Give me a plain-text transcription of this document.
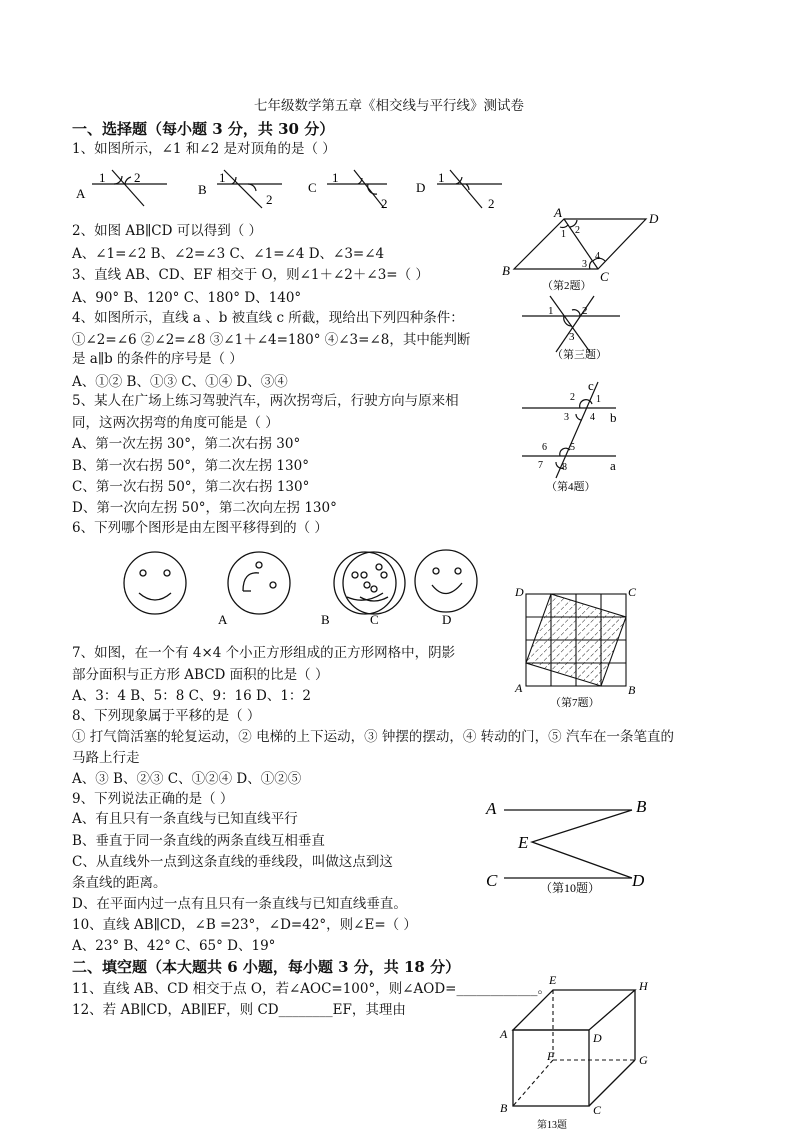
七年级数学第五章《相交线与平行线》测试卷
一、选择题（每小题 3 分，共 30 分）
1、如图所示，∠1 和∠2 是对顶角的是（ ）
A
1 2
B
1
2
C
1
2
D
1
2
2、如图 AB∥CD 可以得到（ ）
A、∠1=∠2 B、∠2=∠3 C、∠1=∠4 D、∠3=∠4
3、直线 AB、CD、EF 相交于 O，则∠1＋∠2＋∠3=（ ）
A、90° B、120° C、180° D、140°
4、如图所示，直线 a 、b 被直线 c 所截，现给出下列四种条件：
①∠2=∠6 ②∠2=∠8 ③∠1＋∠4=180° ④∠3=∠8，其中能判断
是 a∥b 的条件的序号是（ ）
A、①② B、①③ C、①④ D、③④
5、某人在广场上练习驾驶汽车，两次拐弯后，行驶方向与原来相
同，这两次拐弯的角度可能是（ ）
A、第一次左拐 30°，第二次右拐 30°
B、第一次右拐 50°，第二次左拐 130°
C、第一次右拐 50°，第二次右拐 130°
D、第一次向左拐 50°，第二次向左拐 130°
6、下列哪个图形是由左图平移得到的（ ）
A	B	C	D
7、如图，在一个有 4×4 个小正方形组成的正方形网格中，阴影
部分面积与正方形 ABCD 面积的比是（ ）
A、3：4 B、5：8 C、9：16 D、1：2
8、下列现象属于平移的是（ ）
① 打气筒活塞的轮复运动，② 电梯的上下运动，③ 钟摆的摆动，④ 转动的门，⑤ 汽车在一条笔直的
马路上行走
A、③ B、②③ C、①②④ D、①②⑤
9、下列说法正确的是（ ）
A、有且只有一条直线与已知直线平行
B、垂直于同一条直线的两条直线互相垂直
C、从直线外一点到这条直线的垂线段，叫做这点到这
条直线的距离。
D、在平面内过一点有且只有一条直线与已知直线垂直。
10、直线 AB∥CD，∠B =23°，∠D=42°，则∠E=（ ）
A、23° B、42° C、65° D、19°
二、填空题（本大题共 6 小题，每小题 3 分，共 18 分）
11、直线 AB、CD 相交于点 O，若∠AOC=100°，则∠AOD=____________。
12、若 AB∥CD，AB∥EF，则 CD________EF，其理由
A	D
B	C
1 2
3
4
（第2题）
1	2
3
（第三题）
2 1
3 4
6 5
7 8
c
b
a
（第4题）
D	C
A	B
（第7题）
A	B
E
C	D
（第10题）
E	H
A	D
F	G
B	C
第13题
